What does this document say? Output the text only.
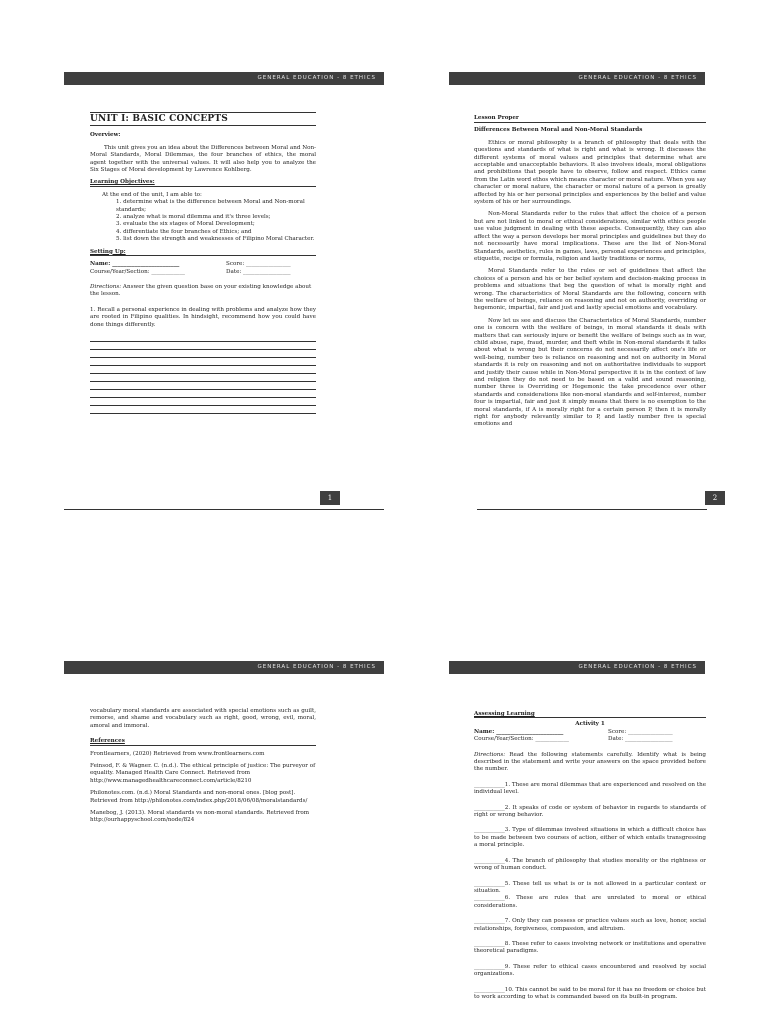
GENERAL EDUCATION - 8 ETHICS
UNIT I: BASIC CONCEPTS

Overview:

This unit gives you an idea about the Differences between Moral and Non-Moral Standards, Moral Dilemmas, the four branches of ethics, the moral agent together with the universal values. It will also help you to analyze the Six Stages of Moral development by Lawrence Kohlberg.

Learning Objectives:

At the end of the unit, I am able to:

1. determine what is the difference between Moral and Non-moral standards;

2. analyze what is moral dilemma and it's three levels;

3. evaluate the six stages of Moral Development;

4. differentiate the four branches of Ethics; and

5. list down the strength and weaknesses of Filipino Moral Character.

Setting Up:

Name: ________________________	Score: ________________
Course/Year/Section: ____________	Date: _________________

Directions: Answer the given question base on your existing knowledge about the lesson.

1. Recall a personal experience in dealing with problems and analyze how they are rooted in Filipino qualities. In hindsight, recommend how you could have done things differently.

1
GENERAL EDUCATION - 8 ETHICS

Lesson Proper

Differences Between Moral and Non-Moral Standards

Ethics or moral philosophy is a branch of philosophy that deals with the questions and standards of what is right and what is wrong. It discusses the different systems of moral values and principles that determine what are acceptable and unacceptable behaviors. It also involves ideals, moral obligations and prohibitions that people have to observe, follow and respect. Ethics came from the Latin word ethos which means character or moral nature. When you say character or moral nature, the character or moral nature of a person is greatly affected by his or her personal principles and experiences by the belief and value system of his or her surroundings.

Non-Moral Standards refer to the rules that affect the choice of a person but are not linked to moral or ethical considerations, similar with ethics people use value judgment in dealing with these aspects. Consequently, they can also affect the way a person develops her moral principles and guidelines but they do not necessarily have moral implications. These are the list of Non-Moral Standards, aesthetics, rules in games, laws, personal experiences and principles, etiquette, recipe or formula, religion and lastly traditions or norms,

Moral Standards refer to the rules or set of guidelines that affect the choices of a person and his or her belief system and decision-making process in problems and situations that beg the question of what is morally right and wrong. The characteristics of Moral Standards are the following, concern with the welfare of beings, reliance on reasoning and not on authority, overriding or hegemonic, impartial, fair and just and lastly special emotions and vocabulary.

Now let us see and discuss the Characteristics of Moral Standards, number one is concern with the welfare of beings, in moral standards it deals with matters that can seriously injure or benefit the welfare of beings such as in war, child abuse, rape, fraud, murder, and theft while in Non-moral standards it talks about what is wrong but their concerns do not necessarily affect one's life or well-being, number two is reliance on reasoning and not on authority in Moral standards it is rely on reasoning and not on authoritative individuals to support and justify their cause while in Non-Moral perspective it is in the context of law and religion they do not need to be based on a valid and sound reasoning, number three is Overriding or Hegemonic the take precedence over other standards and considerations like non-moral standards and self-interest, number four is impartial, fair and just it simply means that there is no exemption to the moral standards, if A is morally right for a certain person P, then it is morally right for anybody relevantly similar to P, and lastly number five is special emotions and

2
GENERAL EDUCATION - 8 ETHICS

vocabulary moral standards are associated with special emotions such as guilt, remorse, and shame and vocabulary such as right, good, wrong, evil, moral, amoral and immoral.

References

Frontlearners, (2020) Retrieved from www.frontlearners.com

Feinsod, F. & Wagner. C. (n.d.). The ethical principle of justice: The purveyor of equality. Managed Health Care Connect. Retrieved from http://www.managedhealthcareconnect.com/article/8210

Philonotes.com. (n.d.) Moral Standards and non-moral ones. [blog post]. Retrieved from http://philonotes.com/index.php/2018/06/08/moralstandards/

Manebog, J. (2013). Moral standards vs non-moral standards. Retrieved from http://ourhappyschool.com/node/824

GENERAL EDUCATION - 8 ETHICS

Assessing Learning

Activity 1

Name: ________________________	Score: ________________
Course/Year/Section: ____________	Date: _________________

Directions: Read the following statements carefully. Identify what is being described in the statement and write your answers on the space provided before the number.

___________1. These are moral dilemmas that are experienced and resolved on the individual level.

___________2. It speaks of code or system of behavior in regards to standards of right or wrong behavior.

___________3. Type of dilemmas involved situations in which a difficult choice has to be made between two courses of action, either of which entails transgressing a moral principle.

___________4. The branch of philosophy that studies morality or the rightness or wrong of human conduct.

___________5. These tell us what is or is not allowed in a particular context or situation.

___________6. These are rules that are unrelated to moral or ethical considerations.

___________7. Only they can possess or practice values such as love, honor, social relationships, forgiveness, compassion, and altruism.

___________8. These refer to cases involving network or institutions and operative theoretical paradigms.

___________9. These refer to ethical cases encountered and resolved by social organizations.

___________10. This cannot be said to be moral for it has no freedom or choice but to work according to what is commanded based on its built-in program.
